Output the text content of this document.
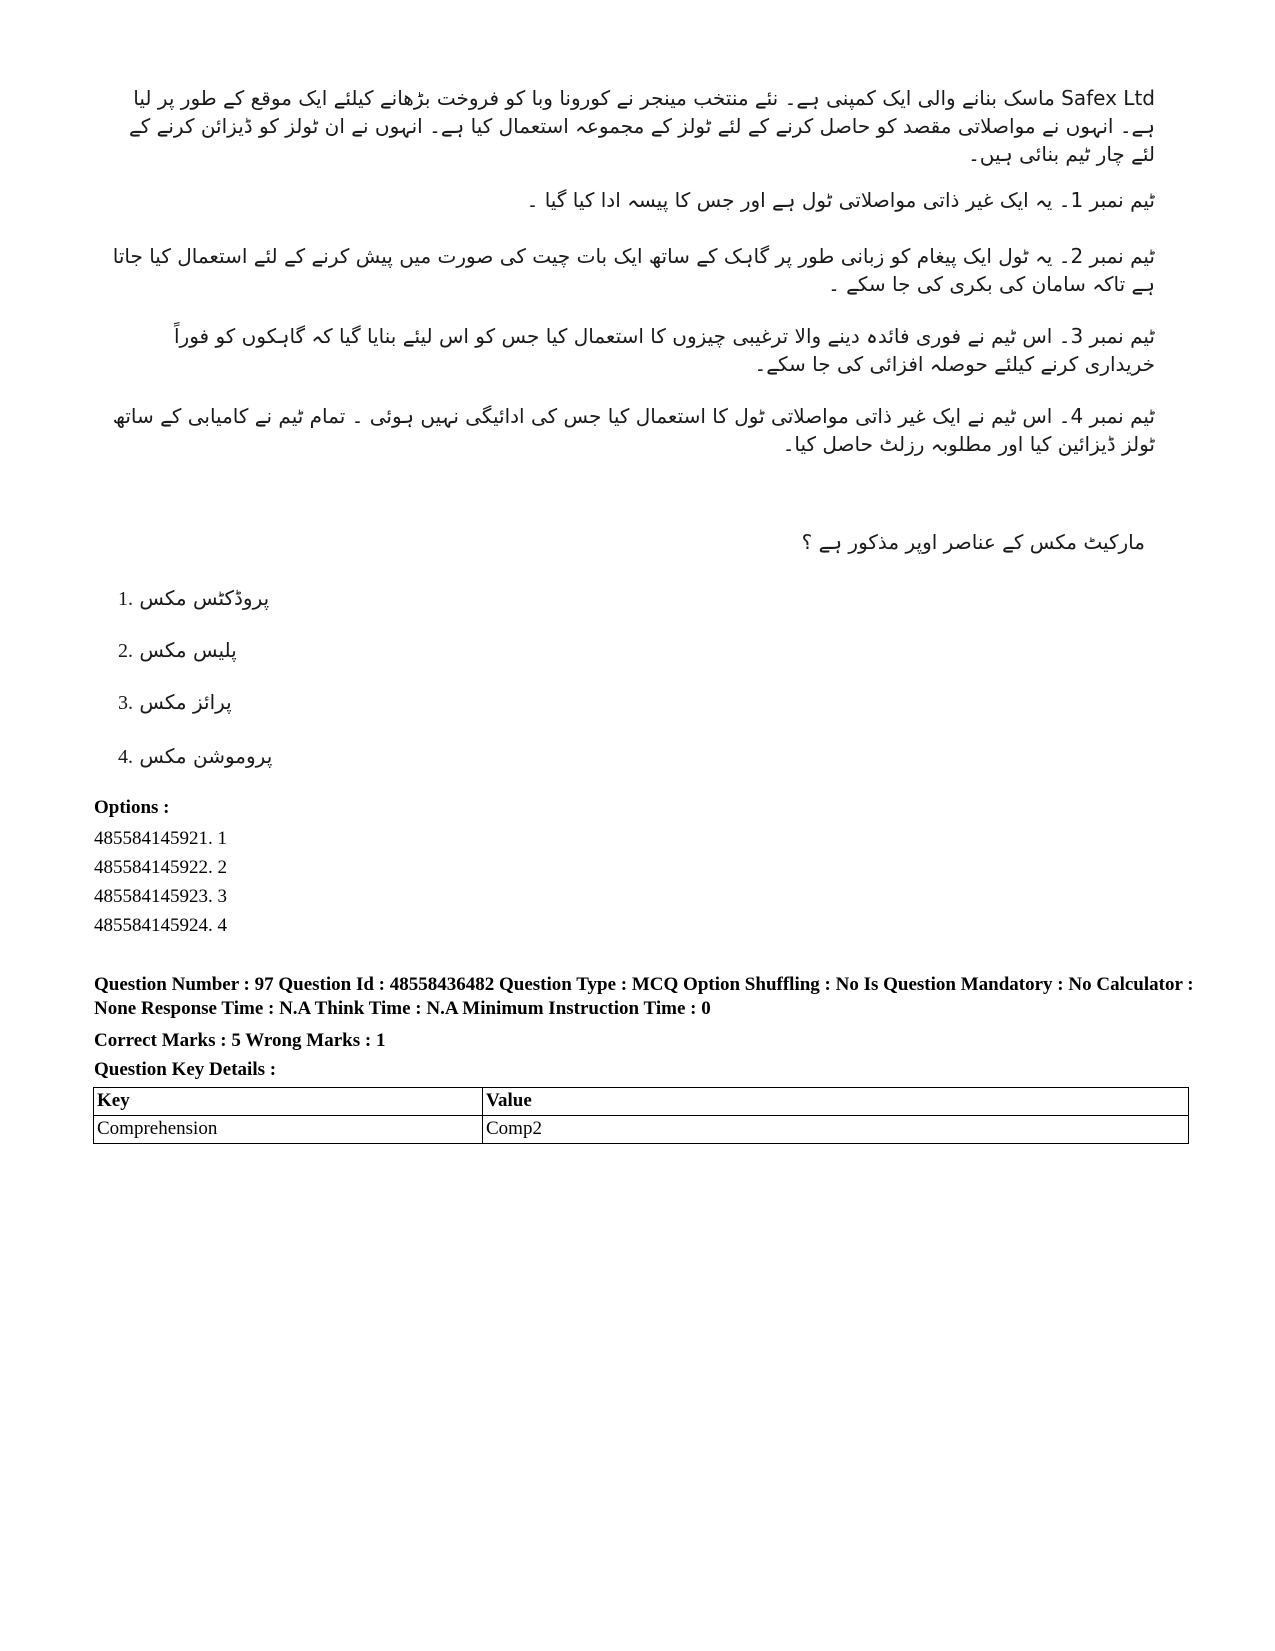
Safex Ltd ماسک بنانے والی ایک کمپنی ہے۔ نئے منتخب مینجر نے کورونا وبا کو فروخت بڑھانے کیلئے ایک موقع کے طور پر لیا ہے۔ انہوں نے مواصلاتی مقصد کو حاصل کرنے کے لئے ٹولز کے مجموعہ استعمال کیا ہے۔ انہوں نے ان ٹولز کو ڈیزائن کرنے کے لئے چار ٹیم بنائی ہیں۔
ٹیم نمبر 1۔ یہ ایک غیر ذاتی مواصلاتی ٹول ہے اور جس کا پیسہ ادا کیا گیا ۔
ٹیم نمبر 2۔ یہ ٹول ایک پیغام کو زبانی طور پر گاہک کے ساتھ ایک بات چیت کی صورت میں پیش کرنے کے لئے استعمال کیا جاتا ہے تاکہ سامان کی بکری کی جا سکے ۔
ٹیم نمبر 3۔ اس ٹیم نے فوری فائدہ دینے والا ترغیبی چیزوں کا استعمال کیا جس کو اس لیئے بنایا گیا کہ گاہکوں کو فوراً خریداری کرنے کیلئے حوصلہ افزائی کی جا سکے۔
ٹیم نمبر 4۔ اس ٹیم نے ایک غیر ذاتی مواصلاتی ٹول کا استعمال کیا جس کی ادائیگی نہیں ہوئی ۔ تمام ٹیم نے کامیابی کے ساتھ ٹولز ڈیزائین کیا اور مطلوبہ رزلٹ حاصل کیا۔
مارکیٹ مکس کے عناصر اوپر مذکور ہے ؟
1. پروڈکٹس مکس
2. پلیس مکس
3. پرائز مکس
4. پروموشن مکس
Options :
485584145921. 1
485584145922. 2
485584145923. 3
485584145924. 4
Question Number : 97 Question Id : 48558436482 Question Type : MCQ Option Shuffling : No Is Question Mandatory : No Calculator : None Response Time : N.A Think Time : N.A Minimum Instruction Time : 0
Correct Marks : 5 Wrong Marks : 1
Question Key Details :
Key	Value
Comprehension	Comp2
